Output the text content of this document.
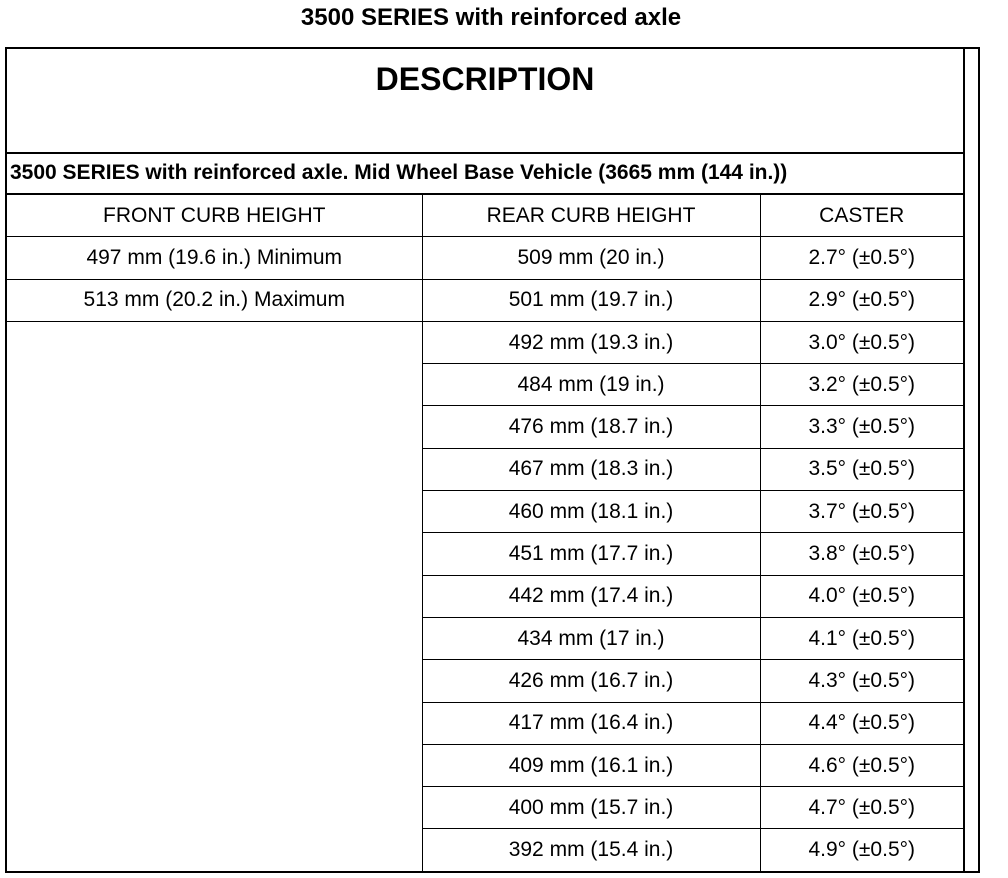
3500 SERIES with reinforced axle
DESCRIPTION
3500 SERIES with reinforced axle. Mid Wheel Base Vehicle (3665 mm (144 in.))
FRONT CURB HEIGHT	REAR CURB HEIGHT	CASTER
497 mm (19.6 in.) Minimum	509 mm (20 in.)	2.7° (±0.5°)
513 mm (20.2 in.) Maximum	501 mm (19.7 in.)	2.9° (±0.5°)
	492 mm (19.3 in.)	3.0° (±0.5°)
	484 mm (19 in.)	3.2° (±0.5°)
	476 mm (18.7 in.)	3.3° (±0.5°)
	467 mm (18.3 in.)	3.5° (±0.5°)
	460 mm (18.1 in.)	3.7° (±0.5°)
	451 mm (17.7 in.)	3.8° (±0.5°)
	442 mm (17.4 in.)	4.0° (±0.5°)
	434 mm (17 in.)	4.1° (±0.5°)
	426 mm (16.7 in.)	4.3° (±0.5°)
	417 mm (16.4 in.)	4.4° (±0.5°)
	409 mm (16.1 in.)	4.6° (±0.5°)
	400 mm (15.7 in.)	4.7° (±0.5°)
	392 mm (15.4 in.)	4.9° (±0.5°)
